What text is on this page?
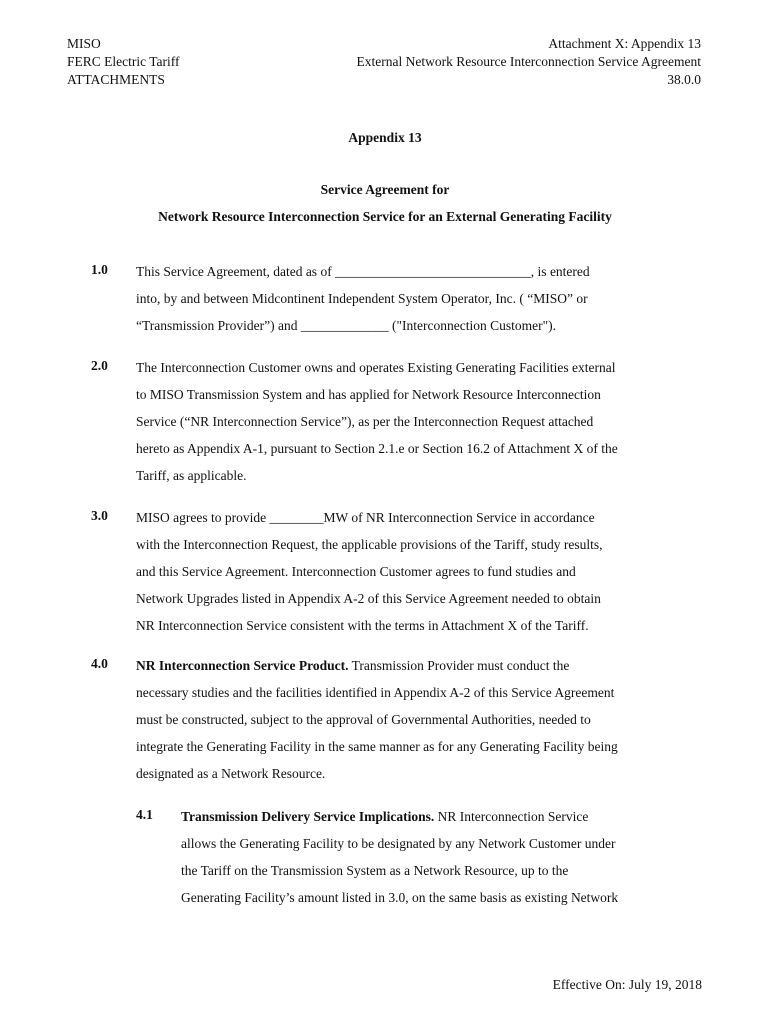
MISO
FERC Electric Tariff
ATTACHMENTS
Attachment X: Appendix 13
External Network Resource Interconnection Service Agreement
38.0.0
Appendix 13
Service Agreement for
Network Resource Interconnection Service for an External Generating Facility
1.0 This Service Agreement, dated as of _____________________________, is entered
into, by and between Midcontinent Independent System Operator, Inc. ( “MISO” or
“Transmission Provider”) and _____________ ("Interconnection Customer").
2.0 The Interconnection Customer owns and operates Existing Generating Facilities external
to MISO Transmission System and has applied for Network Resource Interconnection
Service (“NR Interconnection Service”), as per the Interconnection Request attached
hereto as Appendix A-1, pursuant to Section 2.1.e or Section 16.2 of Attachment X of the
Tariff, as applicable.
3.0 MISO agrees to provide ________MW of NR Interconnection Service in accordance
with the Interconnection Request, the applicable provisions of the Tariff, study results,
and this Service Agreement. Interconnection Customer agrees to fund studies and
Network Upgrades listed in Appendix A-2 of this Service Agreement needed to obtain
NR Interconnection Service consistent with the terms in Attachment X of the Tariff.
4.0 NR Interconnection Service Product. Transmission Provider must conduct the
necessary studies and the facilities identified in Appendix A-2 of this Service Agreement
must be constructed, subject to the approval of Governmental Authorities, needed to
integrate the Generating Facility in the same manner as for any Generating Facility being
designated as a Network Resource.
4.1 Transmission Delivery Service Implications. NR Interconnection Service
allows the Generating Facility to be designated by any Network Customer under
the Tariff on the Transmission System as a Network Resource, up to the
Generating Facility’s amount listed in 3.0, on the same basis as existing Network
Effective On: July 19, 2018
